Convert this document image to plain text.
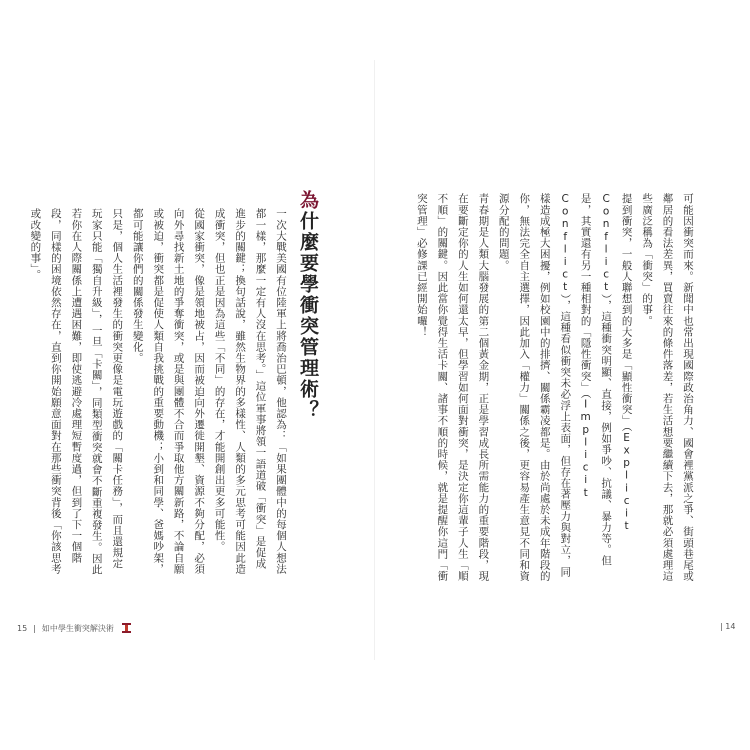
為什麼要學衝突管理術？

一次大戰美國有位陸軍上將喬治巴頓，他認為：「如果團體中的每個人想法都一樣，那麼一定有人沒在思考。」這位軍事將領一語道破「衝突」是促成進步的關鍵；換句話說，雖然生物界的多樣性、人類的多元思考可能因此造成衝突，但也正是因為這些「不同」的存在，才能開創出更多可能性。

從國家衝突，像是領地被占，因而被迫向外遷徙開墾、資源不夠分配，必須向外尋找新土地的爭奪衝突，或是與團體不合而爭取他方關新路，不論自願或被迫，衝突都是促使人類自我挑戰的重要動機；小到和同學、爸媽吵架，都可能讓你們的關係發生變化。

只是，個人生活裡發生的衝突更像是電玩遊戲的「關卡任務」，而且還規定玩家只能「獨自升級」，一旦「卡關」，同類型衝突就會不斷重複發生。因此若你在人際關係上遭遇困難，即使逃避冷處理短暫度過，但到了下一個階段，同樣的困境依然存在，直到你開始願意面對在那些衝突背後「你該思考或改變的事」。

15 | 如中學生衝突解決術

可能因衝突而來。新聞中也常出現國際政治角力、國會裡黨派之爭、街頭巷尾或鄰居的看法差異，買賣往來的條件落差，若生活想要繼續下去，那就必須處理這些廣泛稱為「衝突」的事。

提到衝突，一般人聯想到的大多是「顯性衝突」（Explicit Conflict），這種衝突明顯、直接，例如爭吵、抗議、暴力等。但是，其實還有另一種相對的「隱性衝突」（Implicit Conflict），這種看似衝突未必浮上表面，但存在著壓力與對立，同樣造成極大困擾，例如校園中的排擠、關係霸凌都是。由於尚處於未成年階段的你，無法完全自主選擇，因此加入「權力」關係之後，更容易產生意見不同和資源分配的問題。

青春期是人類大腦發展的第二個黃金期，正是學習成長所需能力的重要階段，現在要斷定你的人生如何還太早，但學習如何面對衝突，是決定你這輩子人生「順不順」的關鍵。因此當你覺得生活卡關、諸事不順的時候，就是提醒你這門「衝突管理」必修課已經開始囉！

| 14
